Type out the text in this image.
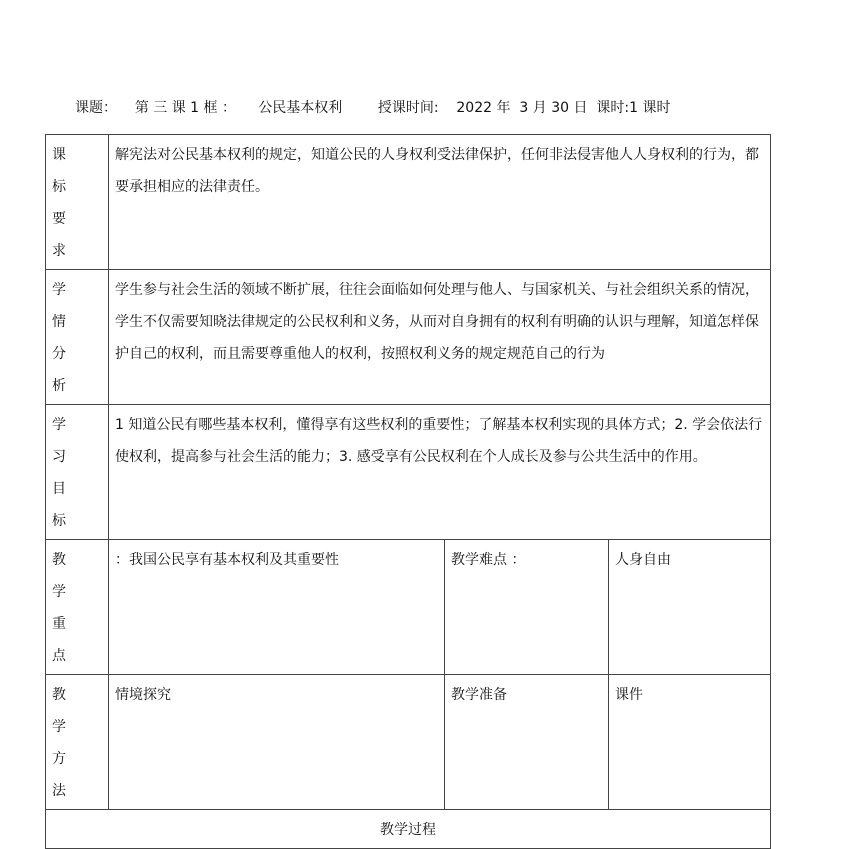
课题： 第 三 课 1 框 ： 公民基本权利	授课时间: 2022 年 3 月 30 日 课时:1 课时
课 标 要 求	解宪法对公民基本权利的规定，知道公民的人身权利受法律保护，任何非法侵害他人人身权利的行为，都要承担相应的法律责任。		
学 情 分 析	学生参与社会生活的领域不断扩展，往往会面临如何处理与他人、与国家机关、与社会组织关系的情况，学生不仅需要知晓法律规定的公民权利和义务，从而对自身拥有的权利有明确的认识与理解，知道怎样保护自己的权利，而且需要尊重他人的权利，按照权利义务的规定规范自己的行为		
学 习 目 标	1 知道公民有哪些基本权利，懂得享有这些权利的重要性；了解基本权利实现的具体方式；2. 学会依法行使权利，提高参与社会生活的能力；3. 感受享有公民权利在个人成长及参与公共生活中的作用。		
教 学 重 点	：我国公民享有基本权利及其重要性	教学难点 ：	人身自由
教 学 方 法	情境探究	教学准备	课件
教学过程			
